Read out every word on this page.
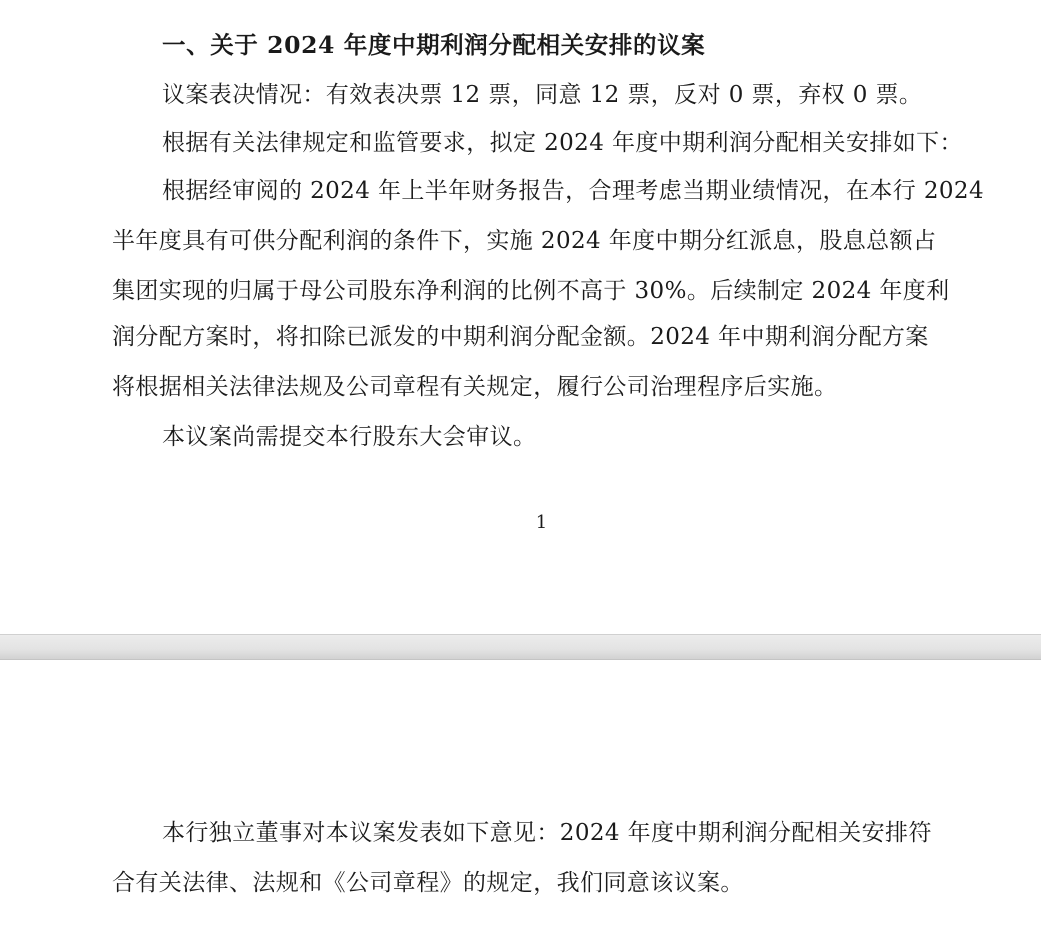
一、关于 2024 年度中期利润分配相关安排的议案
议案表决情况：有效表决票 12 票，同意 12 票，反对 0 票，弃权 0 票。
根据有关法律规定和监管要求，拟定 2024 年度中期利润分配相关安排如下：
根据经审阅的 2024 年上半年财务报告，合理考虑当期业绩情况，在本行 2024
半年度具有可供分配利润的条件下，实施 2024 年度中期分红派息，股息总额占
集团实现的归属于母公司股东净利润的比例不高于 30%。后续制定 2024 年度利
润分配方案时，将扣除已派发的中期利润分配金额。2024 年中期利润分配方案
将根据相关法律法规及公司章程有关规定，履行公司治理程序后实施。
本议案尚需提交本行股东大会审议。
1
本行独立董事对本议案发表如下意见：2024 年度中期利润分配相关安排符
合有关法律、法规和《公司章程》的规定，我们同意该议案。
